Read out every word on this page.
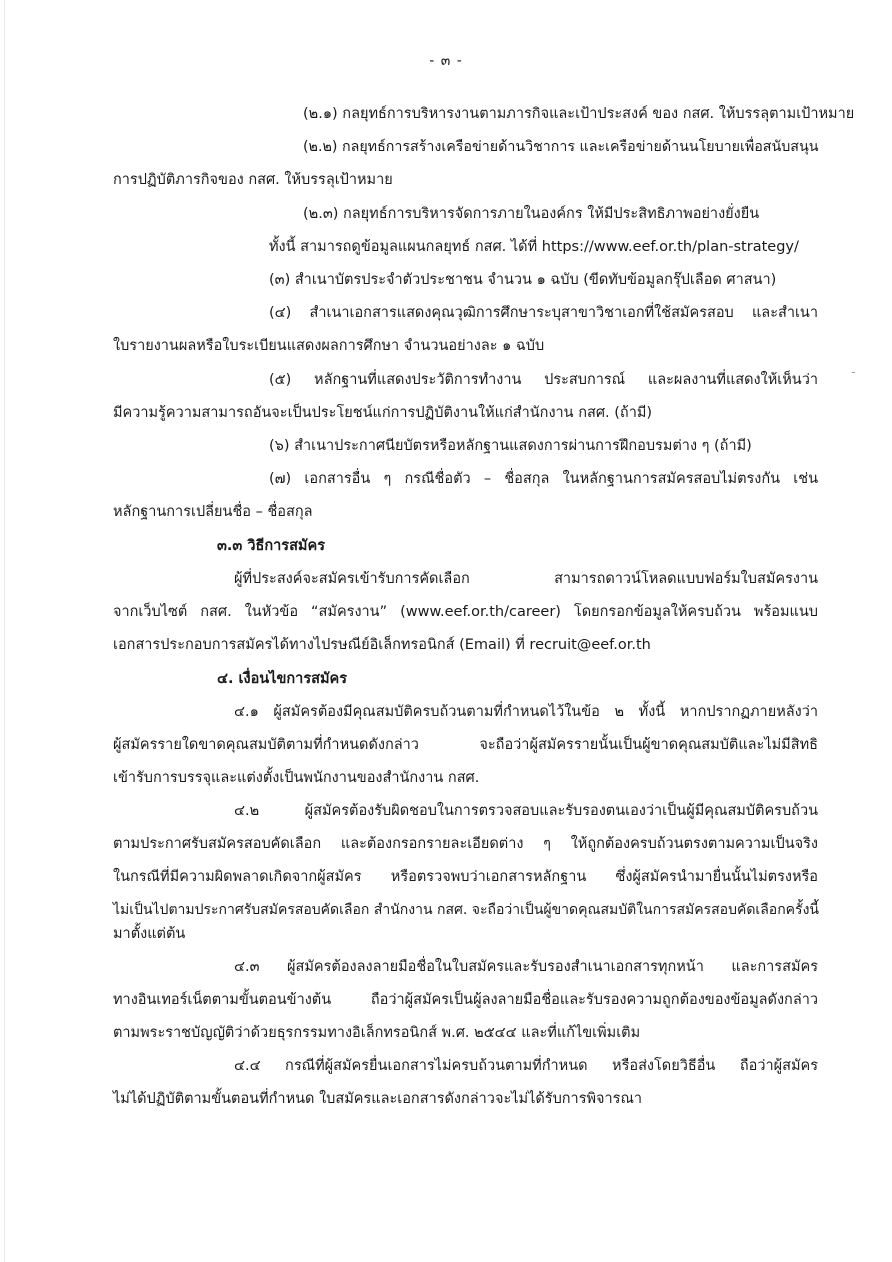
- ๓ -
(๒.๑) กลยุทธ์การบริหารงานตามภารกิจและเป้าประสงค์ ของ กสศ. ให้บรรลุตามเป้าหมาย
(๒.๒) กลยุทธ์การสร้างเครือข่ายด้านวิชาการ และเครือข่ายด้านนโยบายเพื่อสนับสนุน
การปฏิบัติภารกิจของ กสศ. ให้บรรลุเป้าหมาย
(๒.๓) กลยุทธ์การบริหารจัดการภายในองค์กร ให้มีประสิทธิภาพอย่างยั่งยืน
ทั้งนี้ สามารถดูข้อมูลแผนกลยุทธ์ กสศ. ได้ที่ https://www.eef.or.th/plan-strategy/
(๓) สำเนาบัตรประจำตัวประชาชน จำนวน ๑ ฉบับ (ขีดทับข้อมูลกรุ๊ปเลือด ศาสนา)
(๔) สำเนาเอกสารแสดงคุณวุฒิการศึกษาระบุสาขาวิชาเอกที่ใช้สมัครสอบ และสำเนา
ใบรายงานผลหรือใบระเบียนแสดงผลการศึกษา จำนวนอย่างละ ๑ ฉบับ
(๕) หลักฐานที่แสดงประวัติการทำงาน ประสบการณ์ และผลงานที่แสดงให้เห็นว่า
มีความรู้ความสามารถอันจะเป็นประโยชน์แก่การปฏิบัติงานให้แก่สำนักงาน กสศ. (ถ้ามี)
(๖) สำเนาประกาศนียบัตรหรือหลักฐานแสดงการผ่านการฝึกอบรมต่าง ๆ (ถ้ามี)
(๗) เอกสารอื่น ๆ กรณีชื่อตัว – ชื่อสกุล ในหลักฐานการสมัครสอบไม่ตรงกัน เช่น
หลักฐานการเปลี่ยนชื่อ – ชื่อสกุล
๓.๓ วิธีการสมัคร
ผู้ที่ประสงค์จะสมัครเข้ารับการคัดเลือก สามารถดาวน์โหลดแบบฟอร์มใบสมัครงาน
จากเว็บไซต์ กสศ. ในหัวข้อ “สมัครงาน” (www.eef.or.th/career) โดยกรอกข้อมูลให้ครบถ้วน พร้อมแนบ
เอกสารประกอบการสมัครได้ทางไปรษณีย์อิเล็กทรอนิกส์ (Email) ที่ recruit@eef.or.th
๔. เงื่อนไขการสมัคร
๔.๑ ผู้สมัครต้องมีคุณสมบัติครบถ้วนตามที่กำหนดไว้ในข้อ ๒ ทั้งนี้ หากปรากฏภายหลังว่า
ผู้สมัครรายใดขาดคุณสมบัติตามที่กำหนดดังกล่าว จะถือว่าผู้สมัครรายนั้นเป็นผู้ขาดคุณสมบัติและไม่มีสิทธิ
เข้ารับการบรรจุและแต่งตั้งเป็นพนักงานของสำนักงาน กสศ.
๔.๒ ผู้สมัครต้องรับผิดชอบในการตรวจสอบและรับรองตนเองว่าเป็นผู้มีคุณสมบัติครบถ้วน
ตามประกาศรับสมัครสอบคัดเลือก และต้องกรอกรายละเอียดต่าง ๆ ให้ถูกต้องครบถ้วนตรงตามความเป็นจริง
ในกรณีที่มีความผิดพลาดเกิดจากผู้สมัคร หรือตรวจพบว่าเอกสารหลักฐาน ซึ่งผู้สมัครนำมายื่นนั้นไม่ตรงหรือ
ไม่เป็นไปตามประกาศรับสมัครสอบคัดเลือก สำนักงาน กสศ. จะถือว่าเป็นผู้ขาดคุณสมบัติในการสมัครสอบคัดเลือกครั้งนี้
มาตั้งแต่ต้น
๔.๓ ผู้สมัครต้องลงลายมือชื่อในใบสมัครและรับรองสำเนาเอกสารทุกหน้า และการสมัคร
ทางอินเทอร์เน็ตตามขั้นตอนข้างต้น ถือว่าผู้สมัครเป็นผู้ลงลายมือชื่อและรับรองความถูกต้องของข้อมูลดังกล่าว
ตามพระราชบัญญัติว่าด้วยธุรกรรมทางอิเล็กทรอนิกส์ พ.ศ. ๒๕๔๔ และที่แก้ไขเพิ่มเติม
๔.๔ กรณีที่ผู้สมัครยื่นเอกสารไม่ครบถ้วนตามที่กำหนด หรือส่งโดยวิธีอื่น ถือว่าผู้สมัคร
ไม่ได้ปฏิบัติตามขั้นตอนที่กำหนด ใบสมัครและเอกสารดังกล่าวจะไม่ได้รับการพิจารณา
